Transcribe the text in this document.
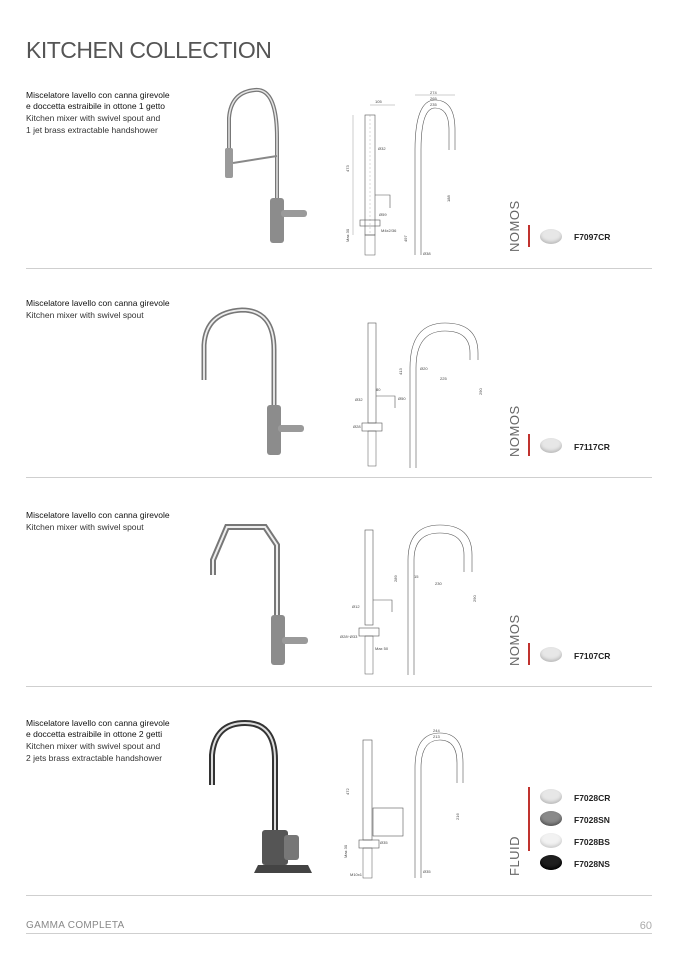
KITCHEN COLLECTION
Miscelatore lavello con canna girevole
e doccetta estraibile in ottone 1 getto
Kitchen mixer with swivel spout and
1 jet brass extractable handshower
105
Ø32
473
Ø59
Max 30	M4x2/36
274
265
235
188
497
Ø38
NOMOS	F7097CR
Miscelatore lavello con canna girevole
Kitchen mixer with swivel spout
80
Ø32	Ø50
Ø28
Ø20
225
413
290
NOMOS	F7117CR
Miscelatore lavello con canna girevole
Kitchen mixer with swivel spout
Ø12
Ø28÷Ø33
Max 50
289	15
230
290
NOMOS	F7107CR
Miscelatore lavello con canna girevole
e doccetta estraibile in ottone 2 getti
Kitchen mixer with swivel spout and
2 jets brass extractable handshower
472
Ø35
M10x1
Max 30
244
213
Ø35
216
FLUID
F7028CR
F7028SN
F7028BS
F7028NS
GAMMA COMPLETA	60
